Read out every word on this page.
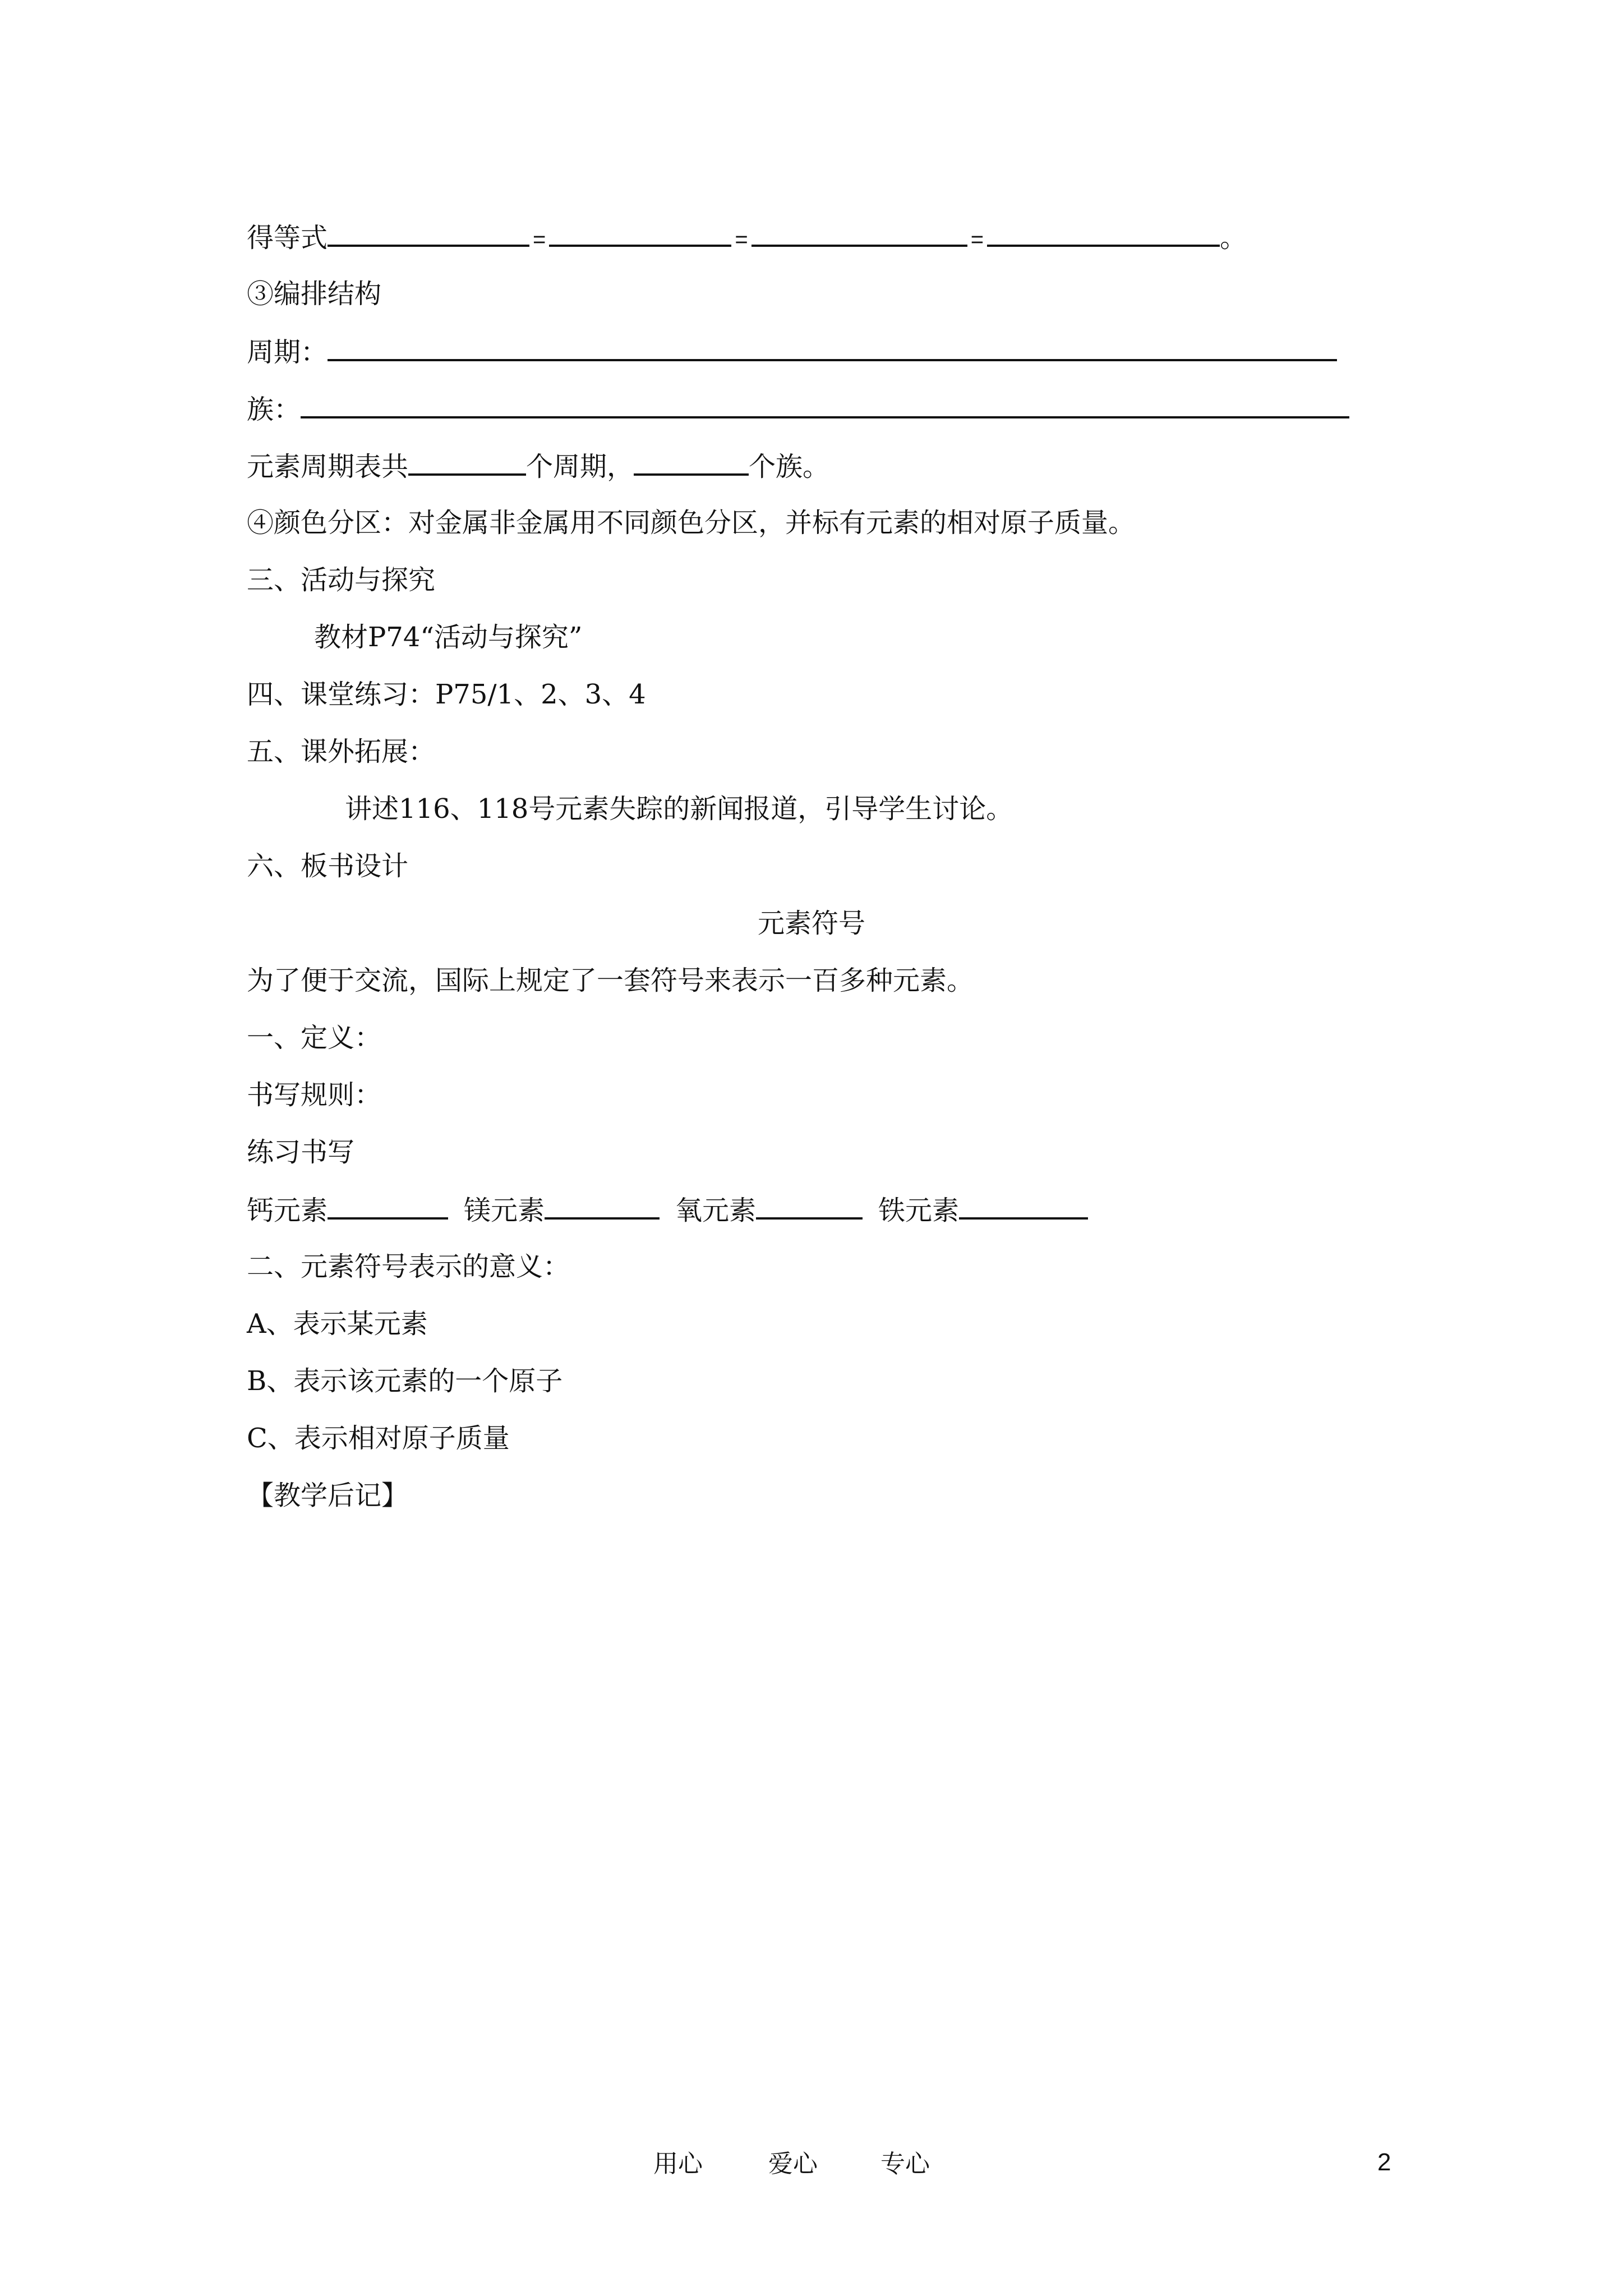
得等式	=	=	=	。
③编排结构
周期：
族：
元素周期表共	个周期，	个族。
④颜色分区：对金属非金属用不同颜色分区，并标有元素的相对原子质量。
三、活动与探究
教材P74“活动与探究”
四、课堂练习：P75/1、2、3、4
五、课外拓展：
讲述116、118号元素失踪的新闻报道，引导学生讨论。
六、板书设计
元素符号
为了便于交流，国际上规定了一套符号来表示一百多种元素。
一、定义：
书写规则：
练习书写
钙元素	镁元素	氧元素	铁元素
二、元素符号表示的意义：
A、表示某元素
B、表示该元素的一个原子
C、表示相对原子质量
【教学后记】
用心	爱心	专心	2
